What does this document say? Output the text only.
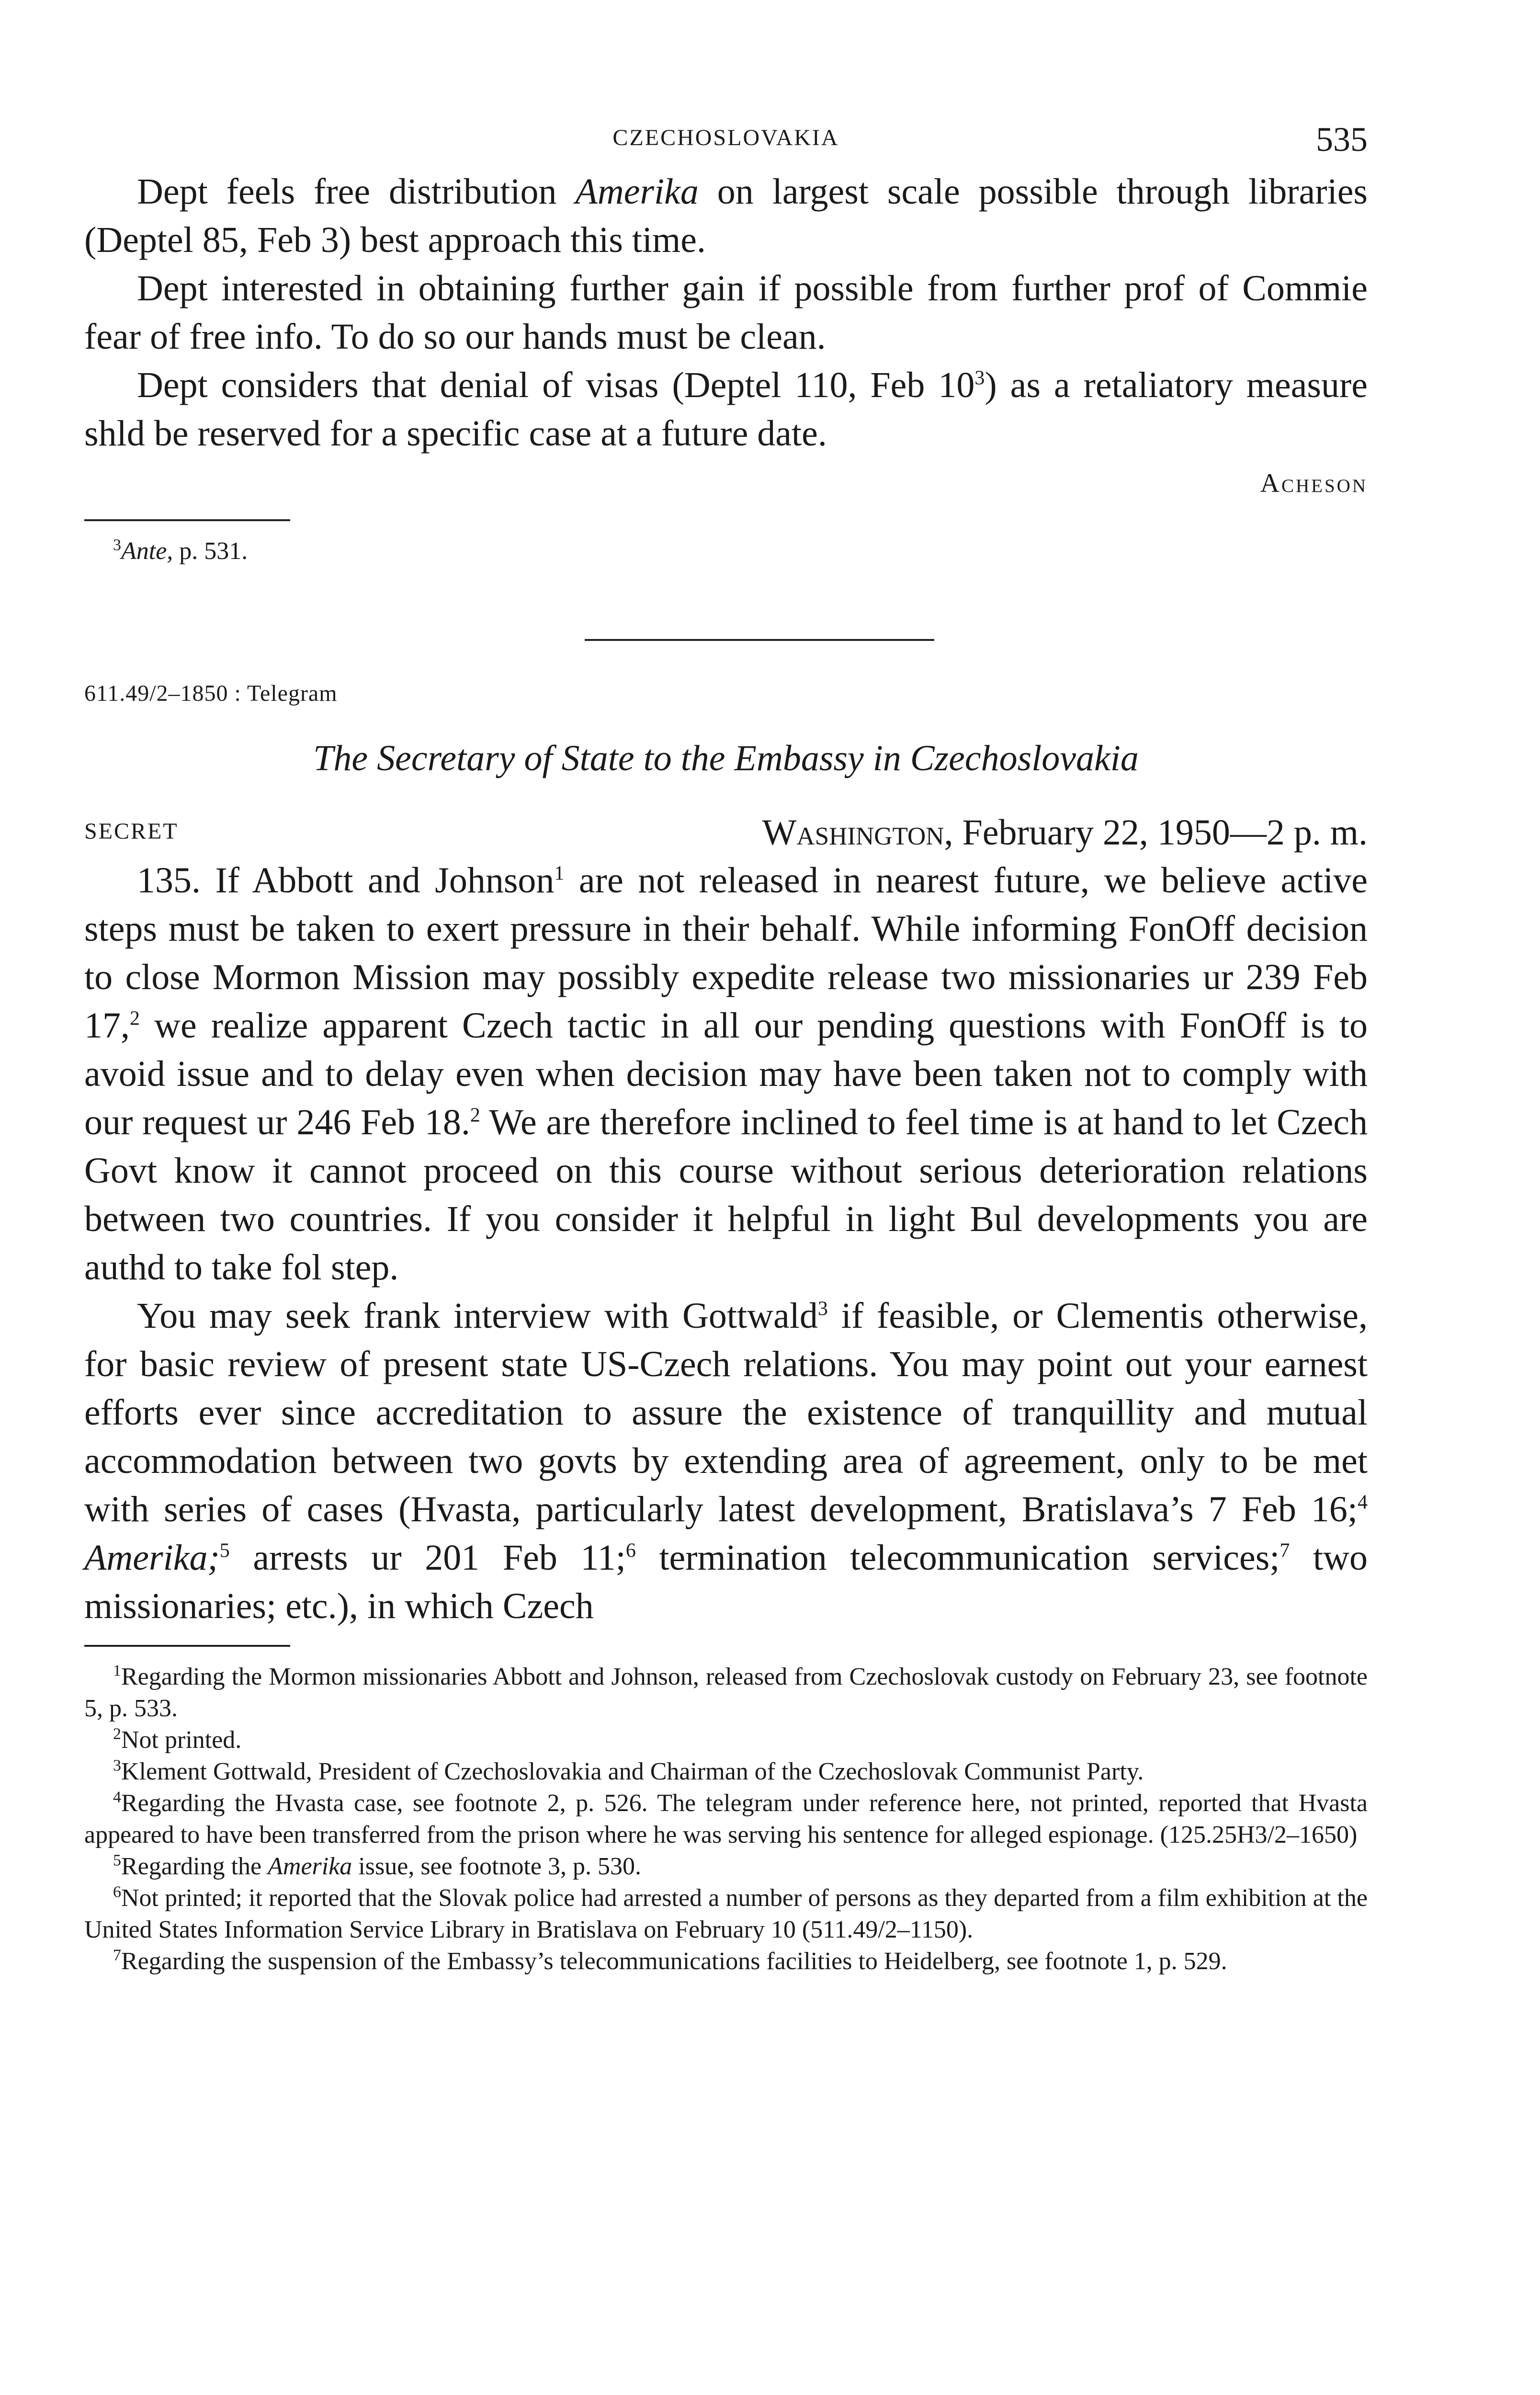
CZECHOSLOVAKIA	535

Dept feels free distribution Amerika on largest scale possible through libraries (Deptel 85, Feb 3) best approach this time.

Dept interested in obtaining further gain if possible from further prof of Commie fear of free info. To do so our hands must be clean.

Dept considers that denial of visas (Deptel 110, Feb $10^3$) as a retaliatory measure shld be reserved for a specific case at a future date.

Acheson

$^3$Ante, p. 531.

611.49/2–1850 : Telegram
The Secretary of State to the Embassy in Czechoslovakia
SECRET	Washington, February 22, 1950—2 p. m.

135. If Abbott and Johnson$^1$ are not released in nearest future, we believe active steps must be taken to exert pressure in their behalf. While informing FonOff decision to close Mormon Mission may possibly expedite release two missionaries ur 239 Feb 17,$^2$ we realize apparent Czech tactic in all our pending questions with FonOff is to avoid issue and to delay even when decision may have been taken not to comply with our request ur 246 Feb 18.$^2$ We are therefore inclined to feel time is at hand to let Czech Govt know it cannot proceed on this course without serious deterioration relations between two countries. If you consider it helpful in light Bul developments you are authd to take fol step.

You may seek frank interview with Gottwald$^3$ if feasible, or Clementis otherwise, for basic review of present state US-Czech relations. You may point out your earnest efforts ever since accreditation to assure the existence of tranquillity and mutual accommodation between two govts by extending area of agreement, only to be met with series of cases (Hvasta, particularly latest development, Bratislava’s 7 Feb 16;$^4$ Amerika;$^5$ arrests ur 201 Feb 11;$^6$ termination telecommunication services;$^7$ two missionaries; etc.), in which Czech

$^1$Regarding the Mormon missionaries Abbott and Johnson, released from Czechoslovak custody on February 23, see footnote 5, p. 533.

$^2$Not printed.

$^3$Klement Gottwald, President of Czechoslovakia and Chairman of the Czechoslovak Communist Party.

$^4$Regarding the Hvasta case, see footnote 2, p. 526. The telegram under reference here, not printed, reported that Hvasta appeared to have been transferred from the prison where he was serving his sentence for alleged espionage. (125.25H3/2–1650)

$^5$Regarding the Amerika issue, see footnote 3, p. 530.

$^6$Not printed; it reported that the Slovak police had arrested a number of persons as they departed from a film exhibition at the United States Information Service Library in Bratislava on February 10 (511.49/2–1150).

$^7$Regarding the suspension of the Embassy’s telecommunications facilities to Heidelberg, see footnote 1, p. 529.
